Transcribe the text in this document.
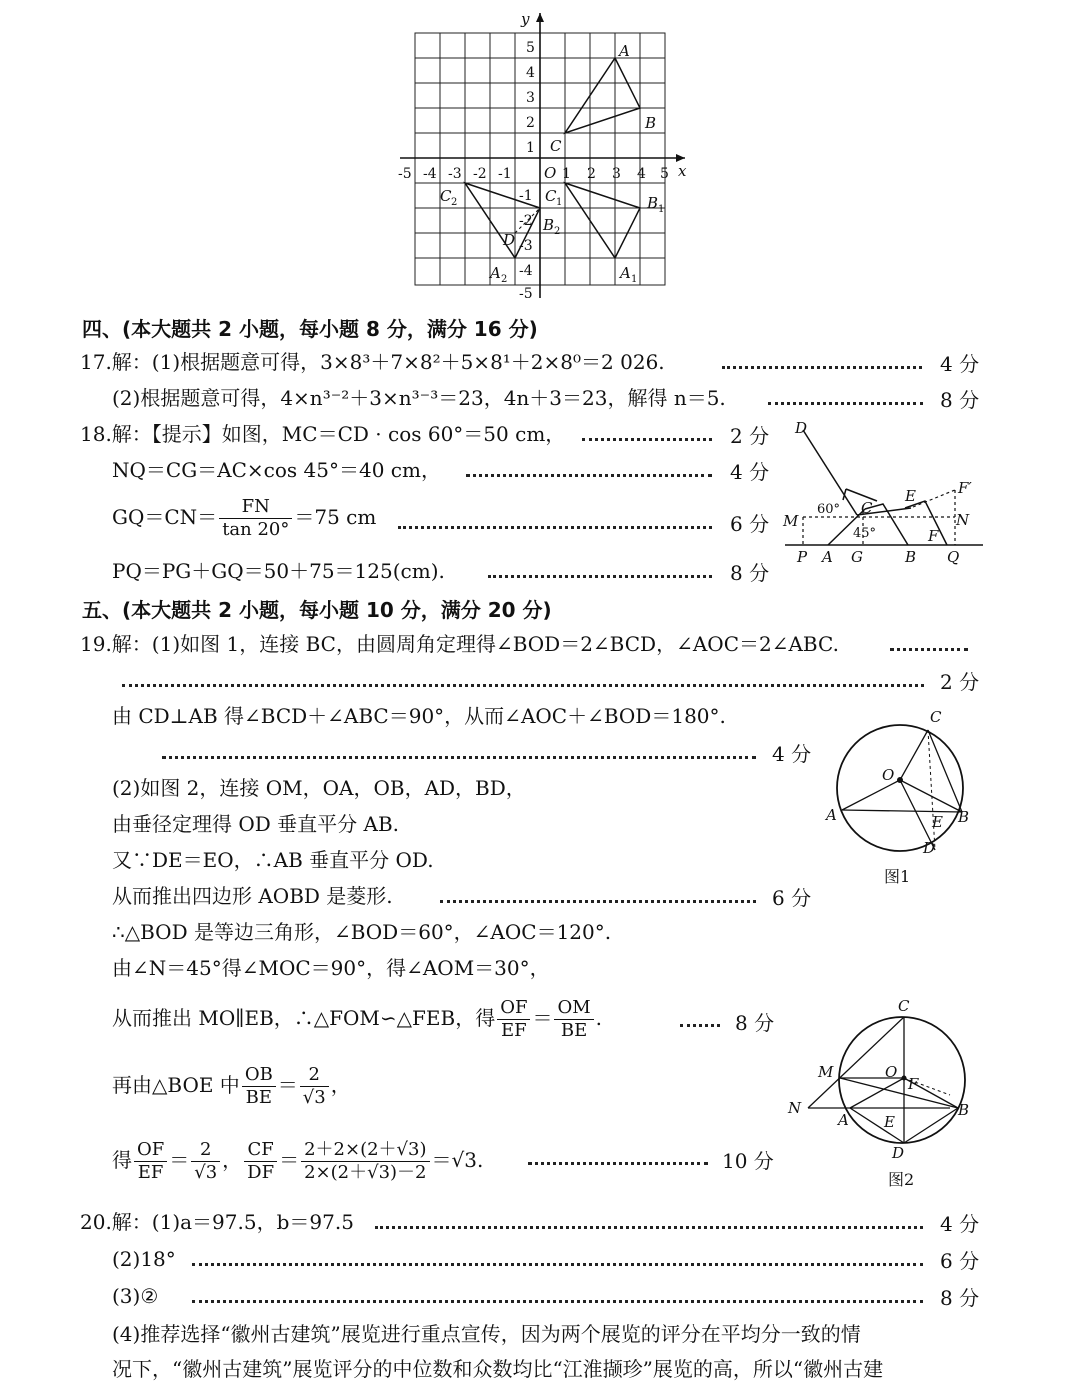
x
y
O
A
B
C
C	B
A
C
B
A
D
1
1
1
2
2
2
-5 -4 -3 -2 -1	1 2 3 4 5
5
4
3
2
1
-1
-2
-3
-4
-5
四、(本大题共 2 小题，每小题 8 分，满分 16 分)
17.解：(1)根据题意可得，3×8³＋7×8²＋5×8¹＋2×8⁰＝2 026.	4 分
(2)根据题意可得，4×n³⁻²＋3×n³⁻³＝23，4n＋3＝23，解得 n＝5.	8 分
18.解：【提示】如图，MC＝CD · cos 60°＝50 cm，	2 分
NQ＝CG＝AC×cos 45°＝40 cm，	4 分
$GQ=CN= \frac{FN}{\tan 20^\circ} =75$ cm	6 分
PQ＝PG＋GQ＝50＋75＝125(cm).	8 分
D
C
E	F′
M	N
F
P A G	B Q
60°
45°
五、(本大题共 2 小题，每小题 10 分，满分 20 分)
19.解：(1)如图 1，连接 BC，由圆周角定理得∠BOD＝2∠BCD，∠AOC＝2∠ABC.
2 分
由 CD⊥AB 得∠BCD＋∠ABC＝90°，从而∠AOC＋∠BOD＝180°.
4 分
(2)如图 2，连接 OM，OA，OB，AD，BD，
由垂径定理得 OD 垂直平分 AB.
又∵DE＝EO，∴AB 垂直平分 OD.
从而推出四边形 AOBD 是菱形.	6 分
∴△BOD 是等边三角形，∠BOD＝60°，∠AOC＝120°.
由∠N＝45°得∠MOC＝90°，得∠AOM＝30°，
从而推出 MO∥EB，∴△FOM∽△FEB，得 $\frac{OF}{EF} = \frac{OM}{BE}$ .	8 分
再由△BOE 中 $\frac{OB}{BE} = \frac{2}{√3}$ ，
得 $\frac{OF}{EF} = \frac{2}{√3}$ ， $\frac{CF}{DF} = \frac{2+2\times(2+√3)}{2\times(2+√3)-2} =√3$.	10 分
C
O
A	B
E
D
图1
C
M	O
F
N
A E
B
D
图2
20.解：(1)a＝97.5，b＝97.5	4 分
(2)18°	6 分
(3)②	8 分
(4)推荐选择“徽州古建筑”展览进行重点宣传，因为两个展览的评分在平均分一致的情
况下，“徽州古建筑”展览评分的中位数和众数均比“江淮撷珍”展览的高，所以“徽州古建
